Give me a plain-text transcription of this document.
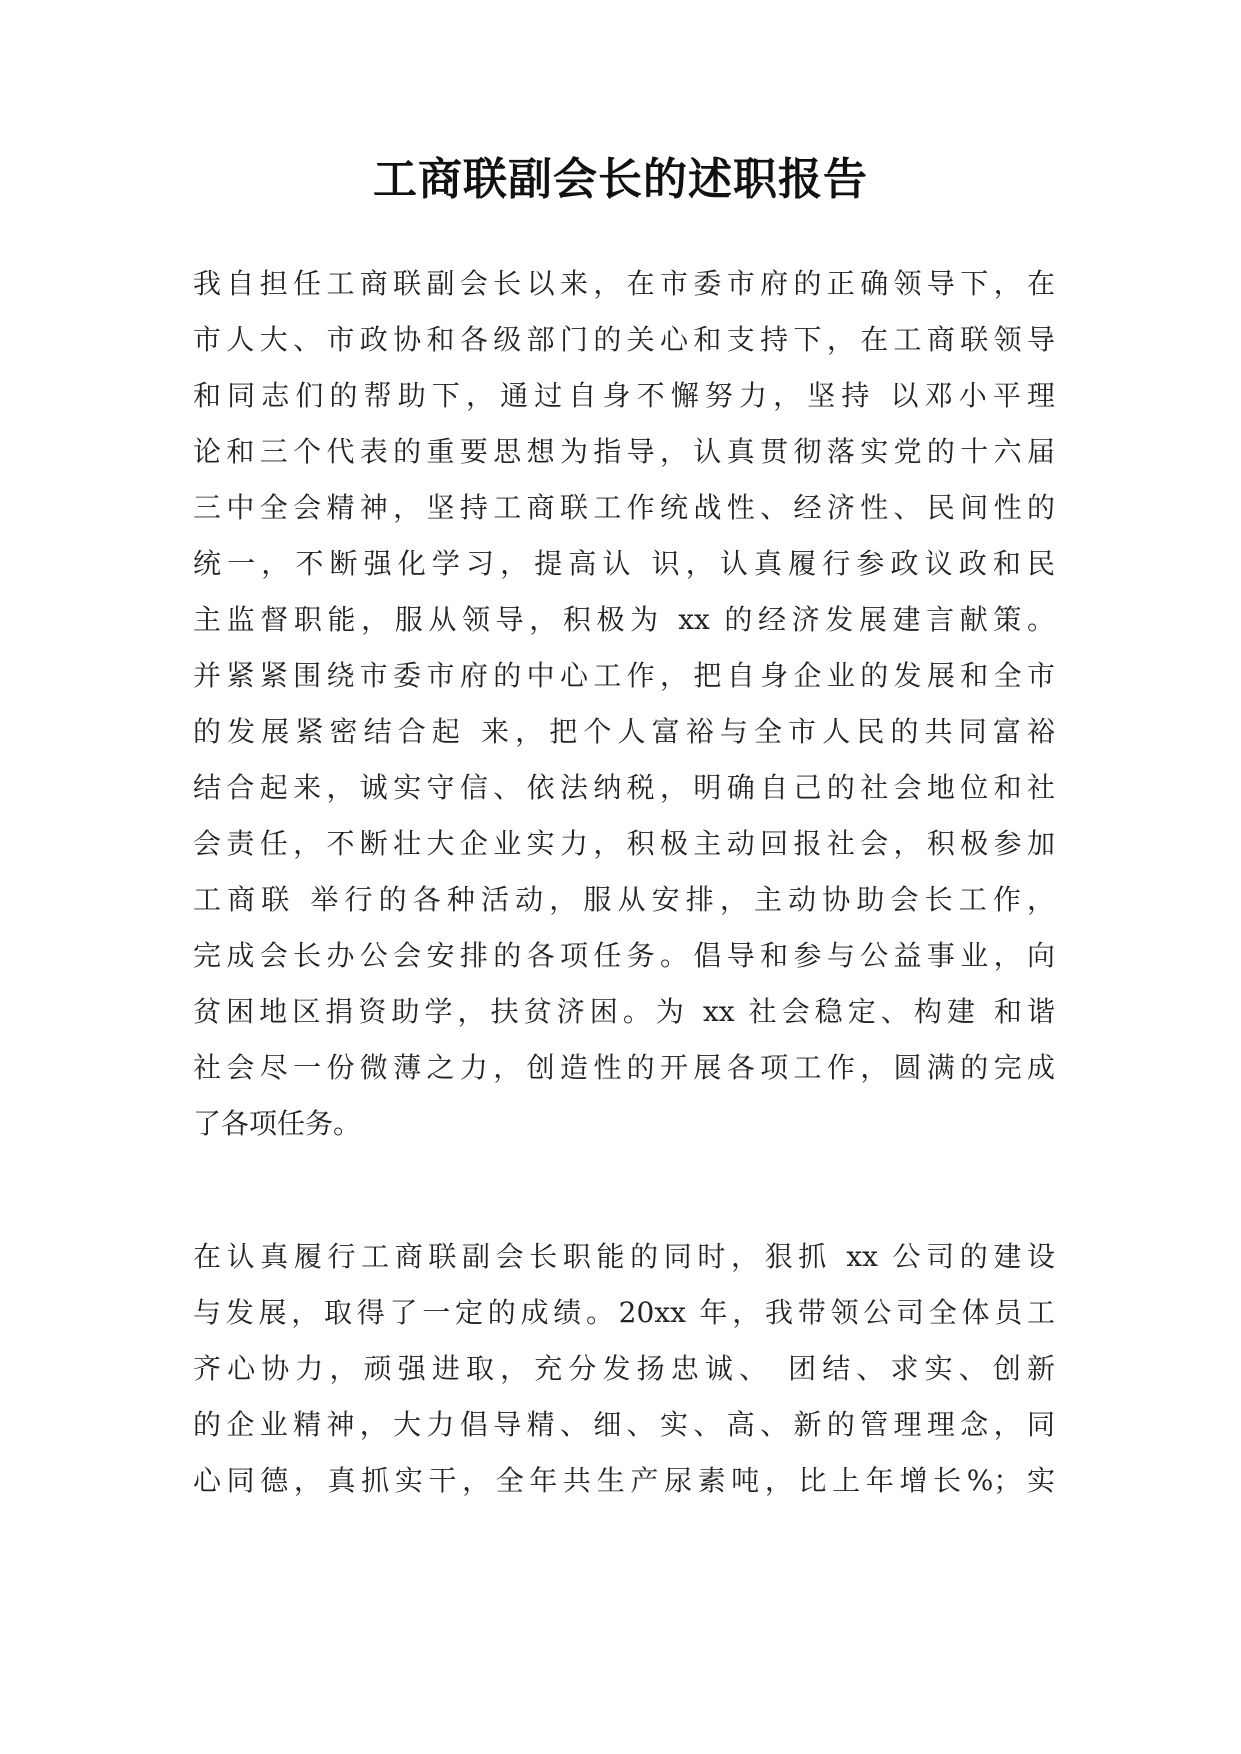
工商联副会长的述职报告
我自担任工商联副会长以来，在市委市府的正确领导下，在
市人大、市政协和各级部门的关心和支持下，在工商联领导
和同志们的帮助下，通过自身不懈努力，坚持 以邓小平理
论和三个代表的重要思想为指导，认真贯彻落实党的十六届
三中全会精神，坚持工商联工作统战性、经济性、民间性的
统一，不断强化学习，提高认 识，认真履行参政议政和民
主监督职能，服从领导，积极为 xx 的经济发展建言献策。
并紧紧围绕市委市府的中心工作，把自身企业的发展和全市
的发展紧密结合起 来，把个人富裕与全市人民的共同富裕
结合起来，诚实守信、依法纳税，明确自己的社会地位和社
会责任，不断壮大企业实力，积极主动回报社会，积极参加
工商联 举行的各种活动，服从安排，主动协助会长工作，
完成会长办公会安排的各项任务。倡导和参与公益事业，向
贫困地区捐资助学，扶贫济困。为 xx 社会稳定、构建 和谐
社会尽一份微薄之力，创造性的开展各项工作，圆满的完成
了各项任务。
在认真履行工商联副会长职能的同时，狠抓 xx 公司的建设
与发展，取得了一定的成绩。20xx 年，我带领公司全体员工
齐心协力，顽强进取，充分发扬忠诚、 团结、求实、创新
的企业精神，大力倡导精、细、实、高、新的管理理念，同
心同德，真抓实干，全年共生产尿素吨，比上年增长%；实
